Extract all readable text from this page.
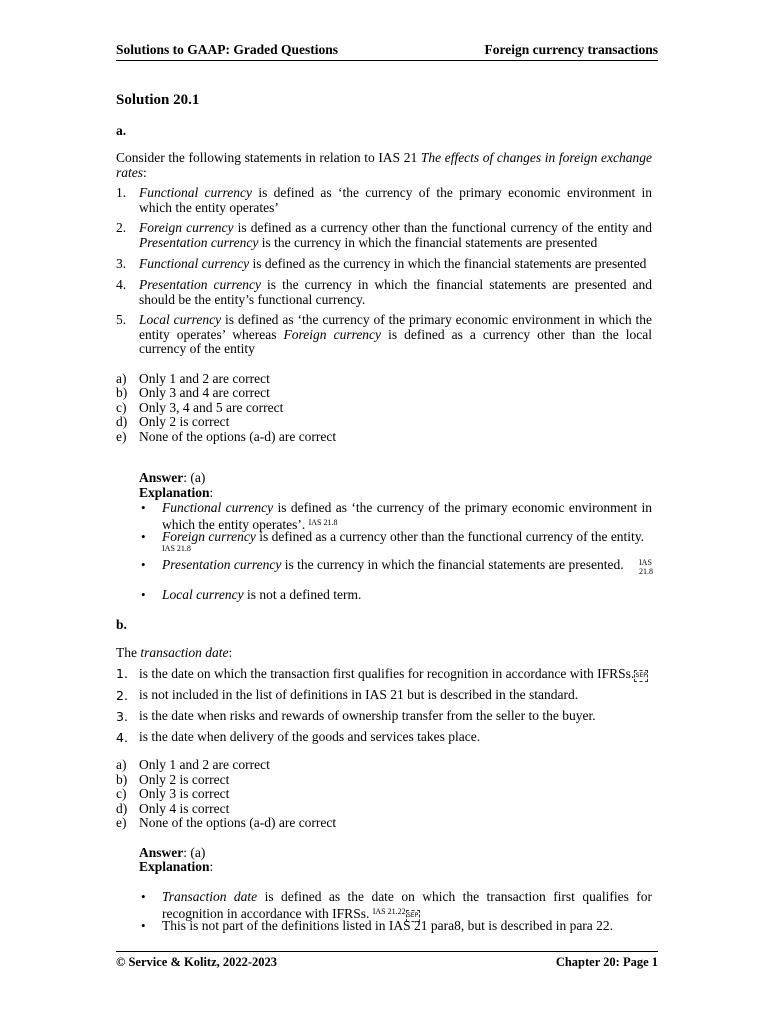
Solutions to GAAP: Graded Questions	Foreign currency transactions
Solution 20.1
a.
Consider the following statements in relation to IAS 21 The effects of changes in foreign exchange rates:
1. Functional currency is defined as ‘the currency of the primary economic environment in which the entity operates’
2. Foreign currency is defined as a currency other than the functional currency of the entity and Presentation currency is the currency in which the financial statements are presented
3. Functional currency is defined as the currency in which the financial statements are presented
4. Presentation currency is the currency in which the financial statements are presented and should be the entity’s functional currency.
5. Local currency is defined as ‘the currency of the primary economic environment in which the entity operates’ whereas Foreign currency is defined as a currency other than the local currency of the entity
a) Only 1 and 2 are correct
b) Only 3 and 4 are correct
c) Only 3, 4 and 5 are correct
d) Only 2 is correct
e) None of the options (a-d) are correct
Answer: (a)
Explanation:
•	Functional currency is defined as ‘the currency of the primary economic environment in which the entity operates’. $^{IAS 21.8}$
•	Foreign currency is defined as a currency other than the functional currency of the entity.
IAS 21.8
•	Presentation currency is the currency in which the financial statements are presented.	IAS 21.8
•	Local currency is not a defined term.
b.
The transaction date:
1. is the date on which the transaction first qualifies for recognition in accordance with IFRSs.SEP
2. is not included in the list of definitions in IAS 21 but is described in the standard.
3. is the date when risks and rewards of ownership transfer from the seller to the buyer.
4. is the date when delivery of the goods and services takes place.
a) Only 1 and 2 are correct
b) Only 2 is correct
c) Only 3 is correct
d) Only 4 is correct
e) None of the options (a-d) are correct
Answer: (a)
Explanation:
•	Transaction date is defined as the date on which the transaction first qualifies for recognition in accordance with IFRSs. $^{IAS 21.22}$SEP
•	This is not part of the definitions listed in IAS 21 para8, but is described in para 22.
© Service & Kolitz, 2022-2023	Chapter 20: Page 1
